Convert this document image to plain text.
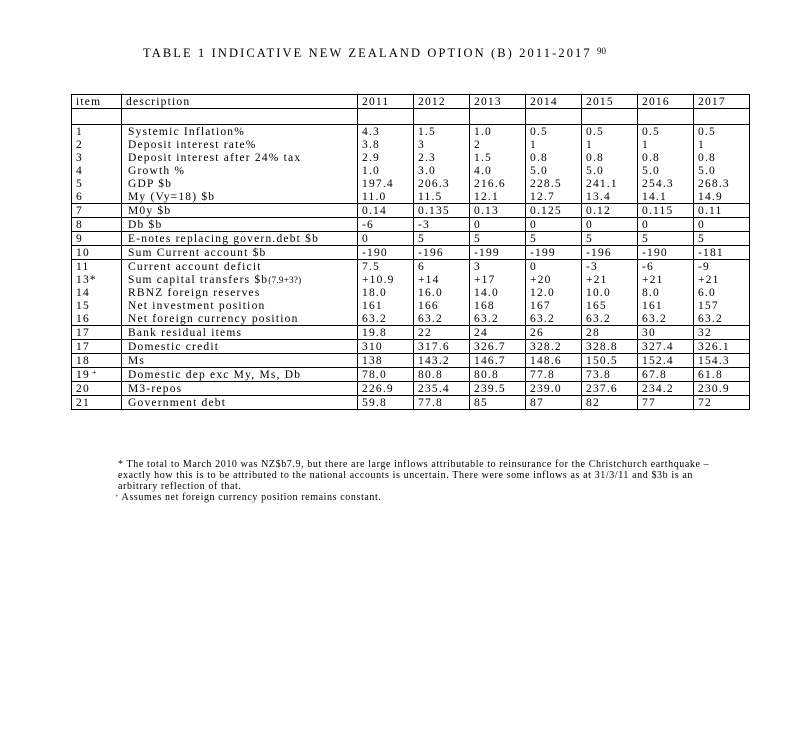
TABLE 1 INDICATIVE NEW ZEALAND OPTION (B) 2011-2017 $^{90}$
item	description	2011	2012	2013	2014	2015	2016	2017

1	Systemic Inflation%	4.3	1.5	1.0	0.5	0.5	0.5	0.5
2	Deposit interest rate%	3.8	3	2	1	1	1	1
3	Deposit interest after 24% tax	2.9	2.3	1.5	0.8	0.8	0.8	0.8
4	Growth %	1.0	3.0	4.0	5.0	5.0	5.0	5.0
5	GDP $b	197.4	206.3	216.6	228.5	241.1	254.3	268.3
6	My (Vy=18) $b	11.0	11.5	12.1	12.7	13.4	14.1	14.9
7	M0y $b	0.14	0.135	0.13	0.125	0.12	0.115	0.11
8	Db $b	-6	-3	0	0	0	0	0
9	E-notes replacing govern.debt $b	0	5	5	5	5	5	5
10	Sum Current account $b	-190	-196	-199	-199	-196	-190	-181
11	Current account deficit	7.5	6	3	0	-3	-6	-9
13*	Sum capital transfers $b(7.9+3?)	+10.9	+14	+17	+20	+21	+21	+21
14	RBNZ foreign reserves	18.0	16.0	14.0	12.0	10.0	8.0	6.0
15	Net investment position	161	166	168	167	165	161	157
16	Net foreign currency position	63.2	63.2	63.2	63.2	63.2	63.2	63.2
17	Bank residual items	19.8	22	24	26	28	30	32
17	Domestic credit	310	317.6	326.7	328.2	328.8	327.4	326.1
18	Ms	138	143.2	146.7	148.6	150.5	152.4	154.3
19 +	Domestic dep exc My, Ms, Db	78.0	80.8	80.8	77.8	73.8	67.8	61.8
20	M3-repos	226.9	235.4	239.5	239.0	237.6	234.2	230.9
21	Government debt	59.8	77.8	85	87	82	77	72

* The total to March 2010 was NZ$b7.9, but there are large inflows attributable to reinsurance for the Christchurch earthquake – exactly how this is to be attributed to the national accounts is uncertain. There were some inflows as at 31/3/11 and $3b is an arbitrary reflection of that.

+ Assumes net foreign currency position remains constant.
